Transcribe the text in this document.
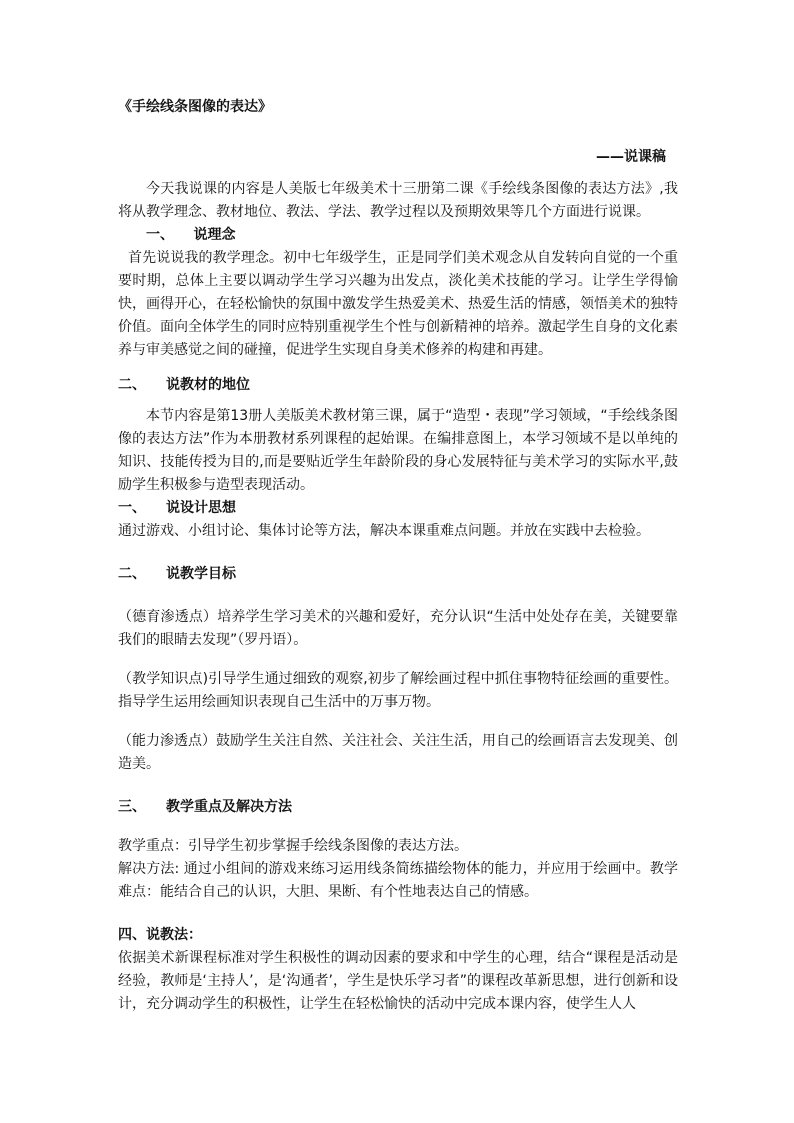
《手绘线条图像的表达》

——说课稿

今天我说课的内容是人美版七年级美术十三册第二课《手绘线条图像的表达方法》,我将从教学理念、教材地位、教法、学法、教学过程以及预期效果等几个方面进行说课。

一、 说理念

首先说说我的教学理念。初中七年级学生，正是同学们美术观念从自发转向自觉的一个重要时期，总体上主要以调动学生学习兴趣为出发点，淡化美术技能的学习。让学生学得愉快，画得开心，在轻松愉快的氛围中激发学生热爱美术、热爱生活的情感，领悟美术的独特价值。面向全体学生的同时应特别重视学生个性与创新精神的培养。激起学生自身的文化素养与审美感觉之间的碰撞，促进学生实现自身美术修养的构建和再建。

二、 说教材的地位

本节内容是第13册人美版美术教材第三课，属于“造型・表现”学习领域，“手绘线条图像的表达方法”作为本册教材系列课程的起始课。在编排意图上，本学习领域不是以单纯的知识、技能传授为目的,而是要贴近学生年龄阶段的身心发展特征与美术学习的实际水平,鼓励学生积极参与造型表现活动。

一、 说设计思想

通过游戏、小组讨论、集体讨论等方法，解决本课重难点问题。并放在实践中去检验。

二、 说教学目标

（德育渗透点）培养学生学习美术的兴趣和爱好，充分认识“生活中处处存在美，关键要靠我们的眼睛去发现”（罗丹语）。

（教学知识点)引导学生通过细致的观察,初步了解绘画过程中抓住事物特征绘画的重要性。指导学生运用绘画知识表现自己生活中的万事万物。

（能力渗透点）鼓励学生关注自然、关注社会、关注生活，用自己的绘画语言去发现美、创造美。

三、 教学重点及解决方法

教学重点：引导学生初步掌握手绘线条图像的表达方法。

解决方法: 通过小组间的游戏来练习运用线条简练描绘物体的能力，并应用于绘画中。教学难点：能结合自己的认识，大胆、果断、有个性地表达自己的情感。

四、说教法：

依据美术新课程标准对学生积极性的调动因素的要求和中学生的心理，结合“课程是活动是经验，教师是‘主持人’，是‘沟通者’，学生是快乐学习者”的课程改革新思想，进行创新和设计，充分调动学生的积极性，让学生在轻松愉快的活动中完成本课内容，使学生人人
